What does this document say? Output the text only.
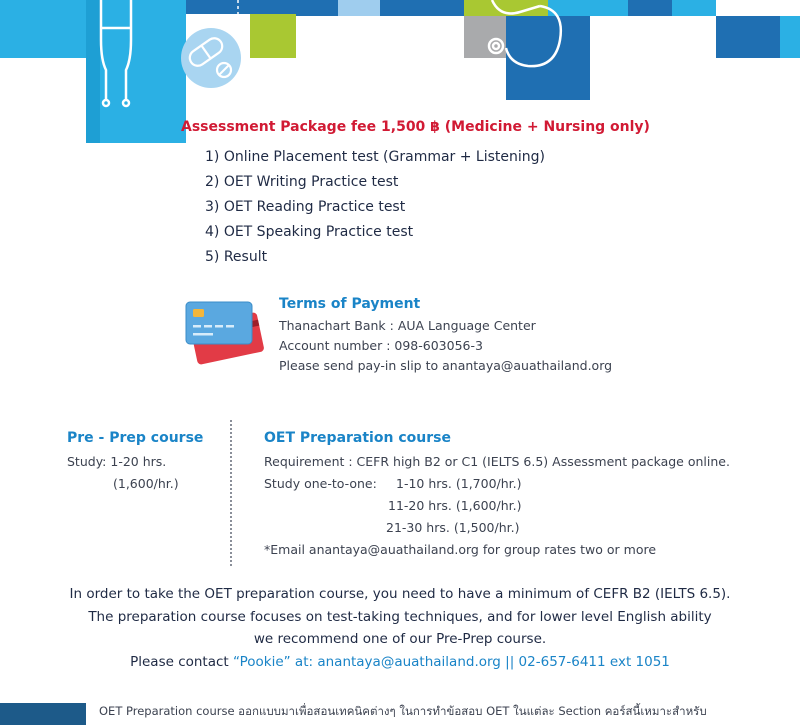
Assessment Package fee 1,500 ฿ (Medicine + Nursing only)
1) Online Placement test (Grammar + Listening)
2) OET Writing Practice test
3) OET Reading Practice test
4) OET Speaking Practice test
5) Result
Terms of Payment
Thanachart Bank : AUA Language Center
Account number : 098-603056-3
Please send pay-in slip to anantaya@auathailand.org
Pre - Prep course
Study: 1-20 hrs.
(1,600/hr.)
OET Preparation course
Requirement : CEFR high B2 or C1 (IELTS 6.5) Assessment package online.
Study one-to-one: 1-10 hrs. (1,700/hr.)
11-20 hrs. (1,600/hr.)
21-30 hrs. (1,500/hr.)
*Email anantaya@auathailand.org for group rates two or more
In order to take the OET preparation course, you need to have a minimum of CEFR B2 (IELTS 6.5).
The preparation course focuses on test-taking techniques, and for lower level English ability
we recommend one of our Pre-Prep course.
Please contact “Pookie” at: anantaya@auathailand.org || 02-657-6411 ext 1051
OET Preparation course ออกแบบมาเพื่อสอนเทคนิคต่างๆ ในการทำข้อสอบ OET ในแต่ละ Section คอร์สนี้เหมาะสำหรับ
